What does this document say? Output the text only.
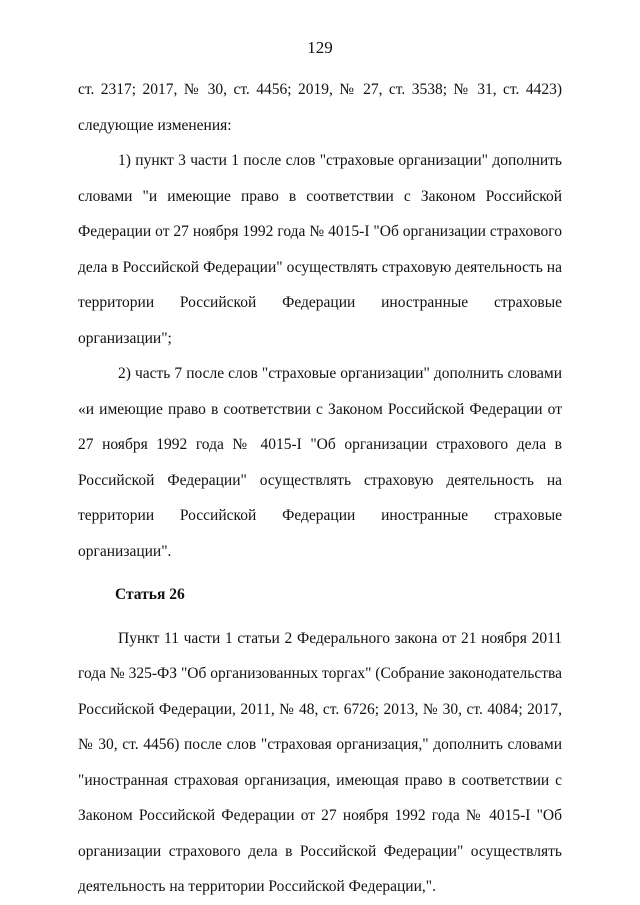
129

ст. 2317; 2017, № 30, ст. 4456; 2019, № 27, ст. 3538; № 31, ст. 4423) следующие изменения:

1) пункт 3 части 1 после слов "страховые организации" дополнить словами "и имеющие право в соответствии с Законом Российской Федерации от 27 ноября 1992 года № 4015-I "Об организации страхового дела в Российской Федерации" осуществлять страховую деятельность на территории Российской Федерации иностранные страховые организации";

2) часть 7 после слов "страховые организации" дополнить словами «и имеющие право в соответствии с Законом Российской Федерации от 27 ноября 1992 года № 4015-I "Об организации страхового дела в Российской Федерации" осуществлять страховую деятельность на территории Российской Федерации иностранные страховые организации".

Статья 26

Пункт 11 части 1 статьи 2 Федерального закона от 21 ноября 2011 года № 325-ФЗ "Об организованных торгах" (Собрание законодательства Российской Федерации, 2011, № 48, ст. 6726; 2013, № 30, ст. 4084; 2017, № 30, ст. 4456) после слов "страховая организация," дополнить словами "иностранная страховая организация, имеющая право в соответствии с Законом Российской Федерации от 27 ноября 1992 года № 4015-I "Об организации страхового дела в Российской Федерации" осуществлять деятельность на территории Российской Федерации,".
